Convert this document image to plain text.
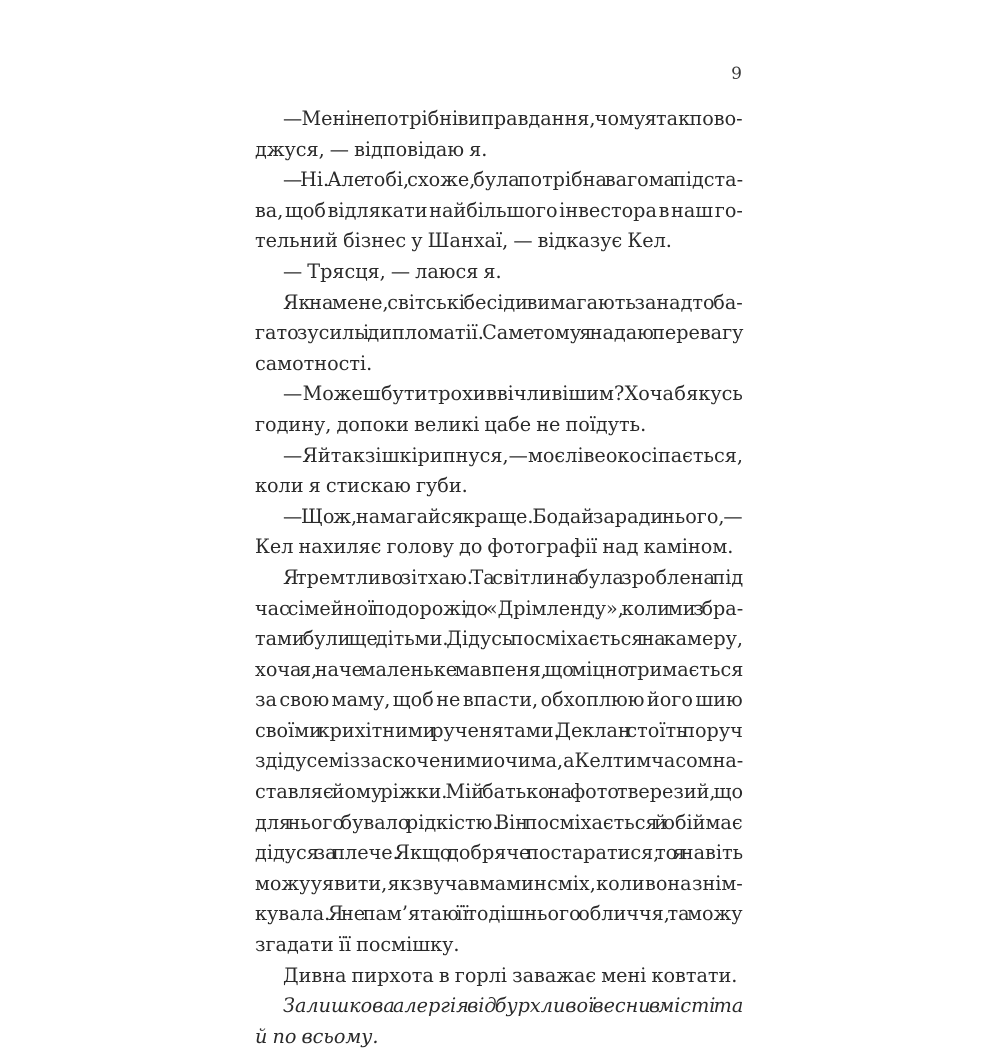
9
— Мені не потрібні виправдання, чому я так пово-
джуся, — відповідаю я.
— Ні. Але тобі, схоже, була потрібна вагома підста-
ва, щоб відлякати найбільшого інвестора в наш го-
тельний бізнес у Шанхаї, — відказує Кел.
— Трясця, — лаюся я.
Як на мене, світські бесіди вимагають занадто ба-
гато зусиль і дипломатії. Саме тому я надаю перевагу
самотності.
— Можеш бути трохи ввічливішим? Хоча б якусь
годину, допоки великі цабе не поїдуть.
— Я й так зі шкіри пнуся, — моє ліве око сіпається,
коли я стискаю губи.
— Що ж, намагайся краще. Бодай заради нього, —
Кел нахиляє голову до фотографії над каміном.
Я тремтливо зітхаю. Та світлина була зроблена під
час сімейної подорожі до «Дрімленду», коли ми з бра-
тами були ще дітьми. Дідусь посміхається на камеру,
хоча я, наче маленьке мавпеня, що міцно тримається
за свою маму, щоб не впасти, обхоплюю його шию
своїми крихітними рученятами. Деклан стоїть поруч
з дідусем із заскоченими очима, а Кел тим часом на-
ставляє йому ріжки. Мій батько на фото тверезий, що
для нього бувало рідкістю. Він посміхається й обіймає
дідуся за плече. Якщо добряче постаратися, то я навіть
можу уявити, як звучав мамин сміх, коли вона знім-
кувала. Я не пам’ятаю її тодішнього обличчя, та можу
згадати її посмішку.
Дивна пирхота в горлі заважає мені ковтати.
Залишкова алергія від бурхливої весни в місті та
й по всьому.
